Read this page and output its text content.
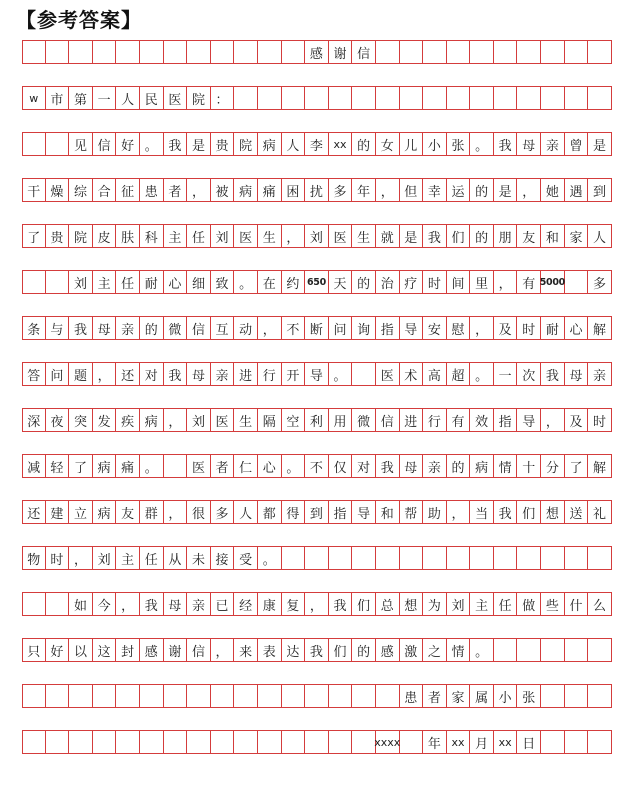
【参考答案】
感 谢 信
w 市 第 一 人 民 医 院 ：
见 信 好 。 我 是 贵 院 病 人 李 xx 的 女 儿 小 张 。 我 母 亲 曾 是
干 燥 综 合 征 患 者 ， 被 病 痛 困 扰 多 年 ， 但 幸 运 的 是 ， 她 遇 到
了 贵 院 皮 肤 科 主 任 刘 医 生 ， 刘 医 生 就 是 我 们 的 朋 友 和 家 人
刘 主 任 耐 心 细 致 。 在 约 650 天 的 治 疗 时 间 里 ， 有 5000	多
条 与 我 母 亲 的 微 信 互 动 ， 不 断 问 询 指 导 安 慰 ， 及 时 耐 心 解
答 问 题 ， 还 对 我 母 亲 进 行 开 导 。	医 术 高 超 。 一 次 我 母 亲
深 夜 突 发 疾 病 ， 刘 医 生 隔 空 利 用 微 信 进 行 有 效 指 导 ， 及 时
减 轻 了 病 痛 。	医 者 仁 心 。 不 仅 对 我 母 亲 的 病 情 十 分 了 解
还 建 立 病 友 群 ， 很 多 人 都 得 到 指 导 和 帮 助 ， 当 我 们 想 送 礼
物 时 ， 刘 主 任 从 未 接 受 。
如 今 ， 我 母 亲 已 经 康 复 ， 我 们 总 想 为 刘 主 任 做 些 什 么
只 好 以 这 封 感 谢 信 ， 来 表 达 我 们 的 感 激 之 情 。
患 者 家 属 小 张
xxxx	年 xx 月 xx 日
